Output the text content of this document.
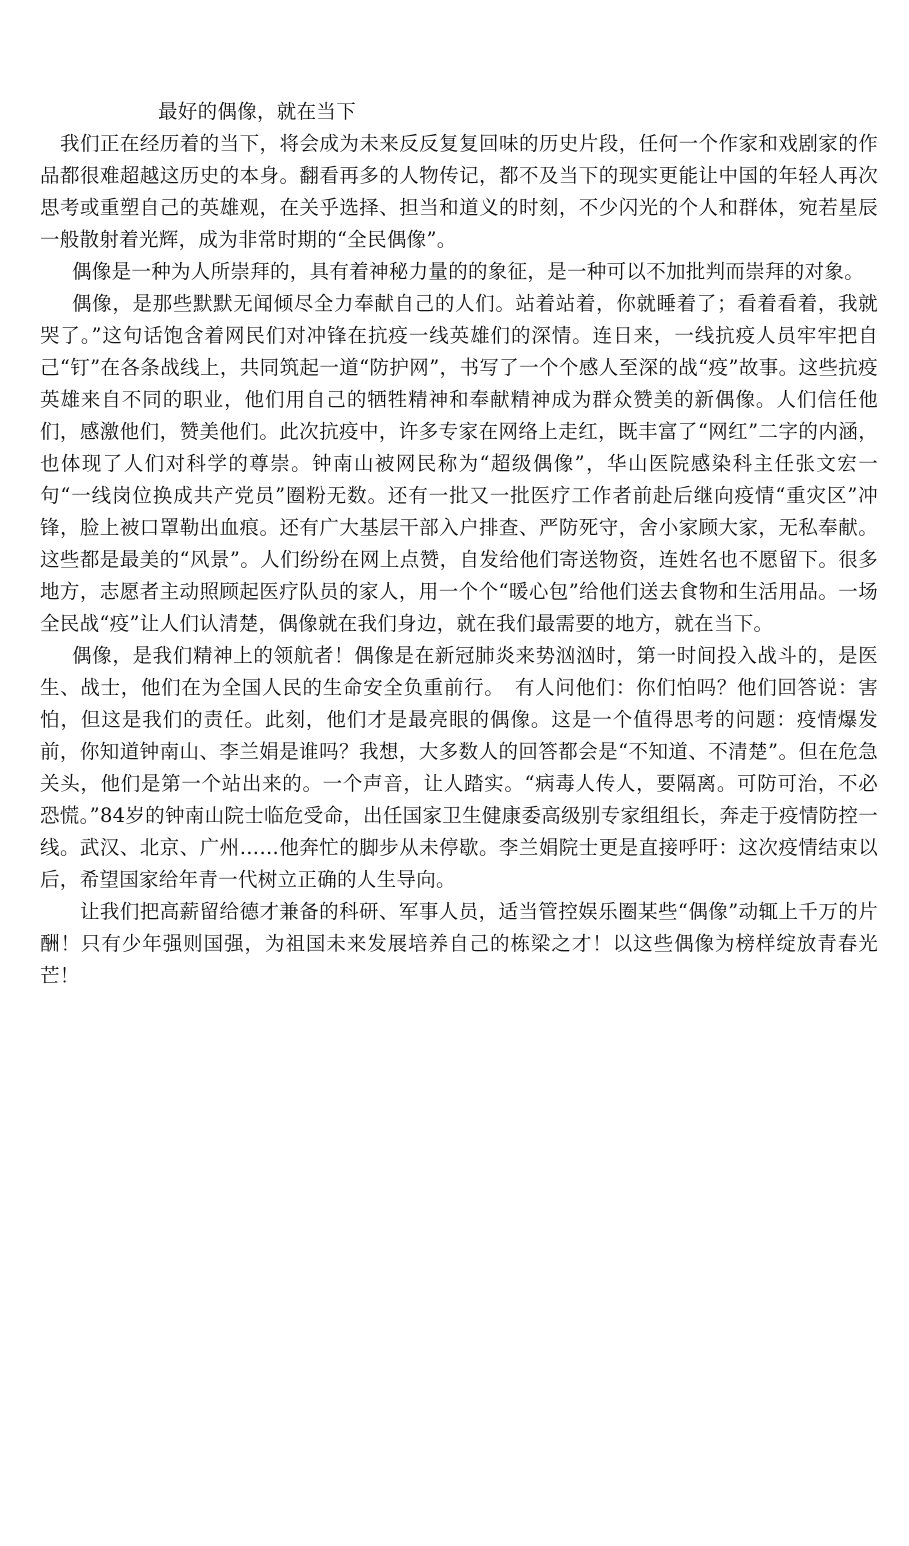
最好的偶像，就在当下

我们正在经历着的当下，将会成为未来反反复复回味的历史片段，任何一个作家和戏剧家的作品都很难超越这历史的本身。翻看再多的人物传记，都不及当下的现实更能让中国的年轻人再次思考或重塑自己的英雄观，在关乎选择、担当和道义的时刻，不少闪光的个人和群体，宛若星辰一般散射着光辉，成为非常时期的“全民偶像”。

偶像是一种为人所崇拜的，具有着神秘力量的的象征，是一种可以不加批判而崇拜的对象。

偶像，是那些默默无闻倾尽全力奉献自己的人们。站着站着，你就睡着了；看着看着，我就哭了。”这句话饱含着网民们对冲锋在抗疫一线英雄们的深情。连日来，一线抗疫人员牢牢把自己“钉”在各条战线上，共同筑起一道“防护网”，书写了一个个感人至深的战“疫”故事。这些抗疫英雄来自不同的职业，他们用自己的牺牲精神和奉献精神成为群众赞美的新偶像。人们信任他们，感激他们，赞美他们。此次抗疫中，许多专家在网络上走红，既丰富了“网红”二字的内涵，也体现了人们对科学的尊崇。钟南山被网民称为“超级偶像”，华山医院感染科主任张文宏一句“一线岗位换成共产党员”圈粉无数。还有一批又一批医疗工作者前赴后继向疫情“重灾区”冲锋，脸上被口罩勒出血痕。还有广大基层干部入户排查、严防死守，舍小家顾大家，无私奉献。这些都是最美的“风景”。人们纷纷在网上点赞，自发给他们寄送物资，连姓名也不愿留下。很多地方，志愿者主动照顾起医疗队员的家人，用一个个“暖心包”给他们送去食物和生活用品。一场全民战“疫”让人们认清楚，偶像就在我们身边，就在我们最需要的地方，就在当下。

偶像，是我们精神上的领航者！偶像是在新冠肺炎来势汹汹时，第一时间投入战斗的，是医生、战士，他们在为全国人民的生命安全负重前行。　有人问他们：你们怕吗？他们回答说：害怕，但这是我们的责任。此刻，他们才是最亮眼的偶像。这是一个值得思考的问题：疫情爆发前，你知道钟南山、李兰娟是谁吗？我想，大多数人的回答都会是“不知道、不清楚”。但在危急关头，他们是第一个站出来的。一个声音，让人踏实。“病毒人传人，要隔离。可防可治，不必恐慌。”84岁的钟南山院士临危受命，出任国家卫生健康委高级别专家组组长，奔走于疫情防控一线。武汉、北京、广州……他奔忙的脚步从未停歇。李兰娟院士更是直接呼吁：这次疫情结束以后，希望国家给年青一代树立正确的人生导向。

让我们把高薪留给德才兼备的科研、军事人员，适当管控娱乐圈某些“偶像”动辄上千万的片酬！只有少年强则国强，为祖国未来发展培养自己的栋梁之才！以这些偶像为榜样绽放青春光芒！
